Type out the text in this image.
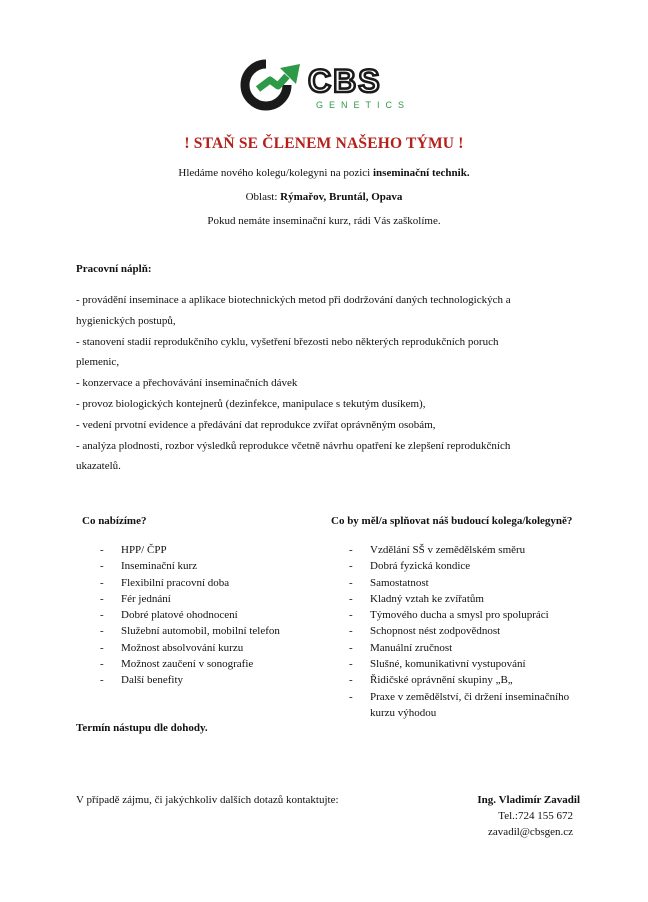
CBS
GENETICS
! STAŇ SE ČLENEM NAŠEHO TÝMU !
Hledáme nového kolegu/kolegyni na pozici inseminační technik.
Oblast: Rýmařov, Bruntál, Opava
Pokud nemáte inseminační kurz, rádi Vás zaškolíme.
Pracovní náplň:
- provádění inseminace a aplikace biotechnických metod při dodržování daných technologických a
hygienických postupů,
- stanovení stadií reprodukčního cyklu, vyšetření březosti nebo některých reprodukčních poruch
plemenic,
- konzervace a přechovávání inseminačních dávek
- provoz biologických kontejnerů (dezinfekce, manipulace s tekutým dusíkem),
- vedení prvotní evidence a předávání dat reprodukce zvířat oprávněným osobám,
- analýza plodnosti, rozbor výsledků reprodukce včetně návrhu opatření ke zlepšení reprodukčních
ukazatelů.
Co nabízíme?
- HPP/ ČPP
- Inseminační kurz
- Flexibilní pracovní doba
- Fér jednání
- Dobré platové ohodnocení
- Služební automobil, mobilní telefon
- Možnost absolvování kurzu
- Možnost zaučení v sonografie
- Další benefity
Co by měl/a splňovat náš budoucí kolega/kolegyně?
- Vzdělání SŠ v zemědělském směru
- Dobrá fyzická kondice
- Samostatnost
- Kladný vztah ke zvířatům
- Týmového ducha a smysl pro spolupráci
- Schopnost nést zodpovědnost
- Manuální zručnost
- Slušné, komunikativní vystupování
- Řidičské oprávnění skupiny „B„
- Praxe v zemědělství, či držení inseminačního
kurzu výhodou
Termín nástupu dle dohody.
V případě zájmu, či jakýchkoliv dalších dotazů kontaktujte:	Ing. Vladimír Zavadil
Tel.:724 155 672
zavadil@cbsgen.cz
